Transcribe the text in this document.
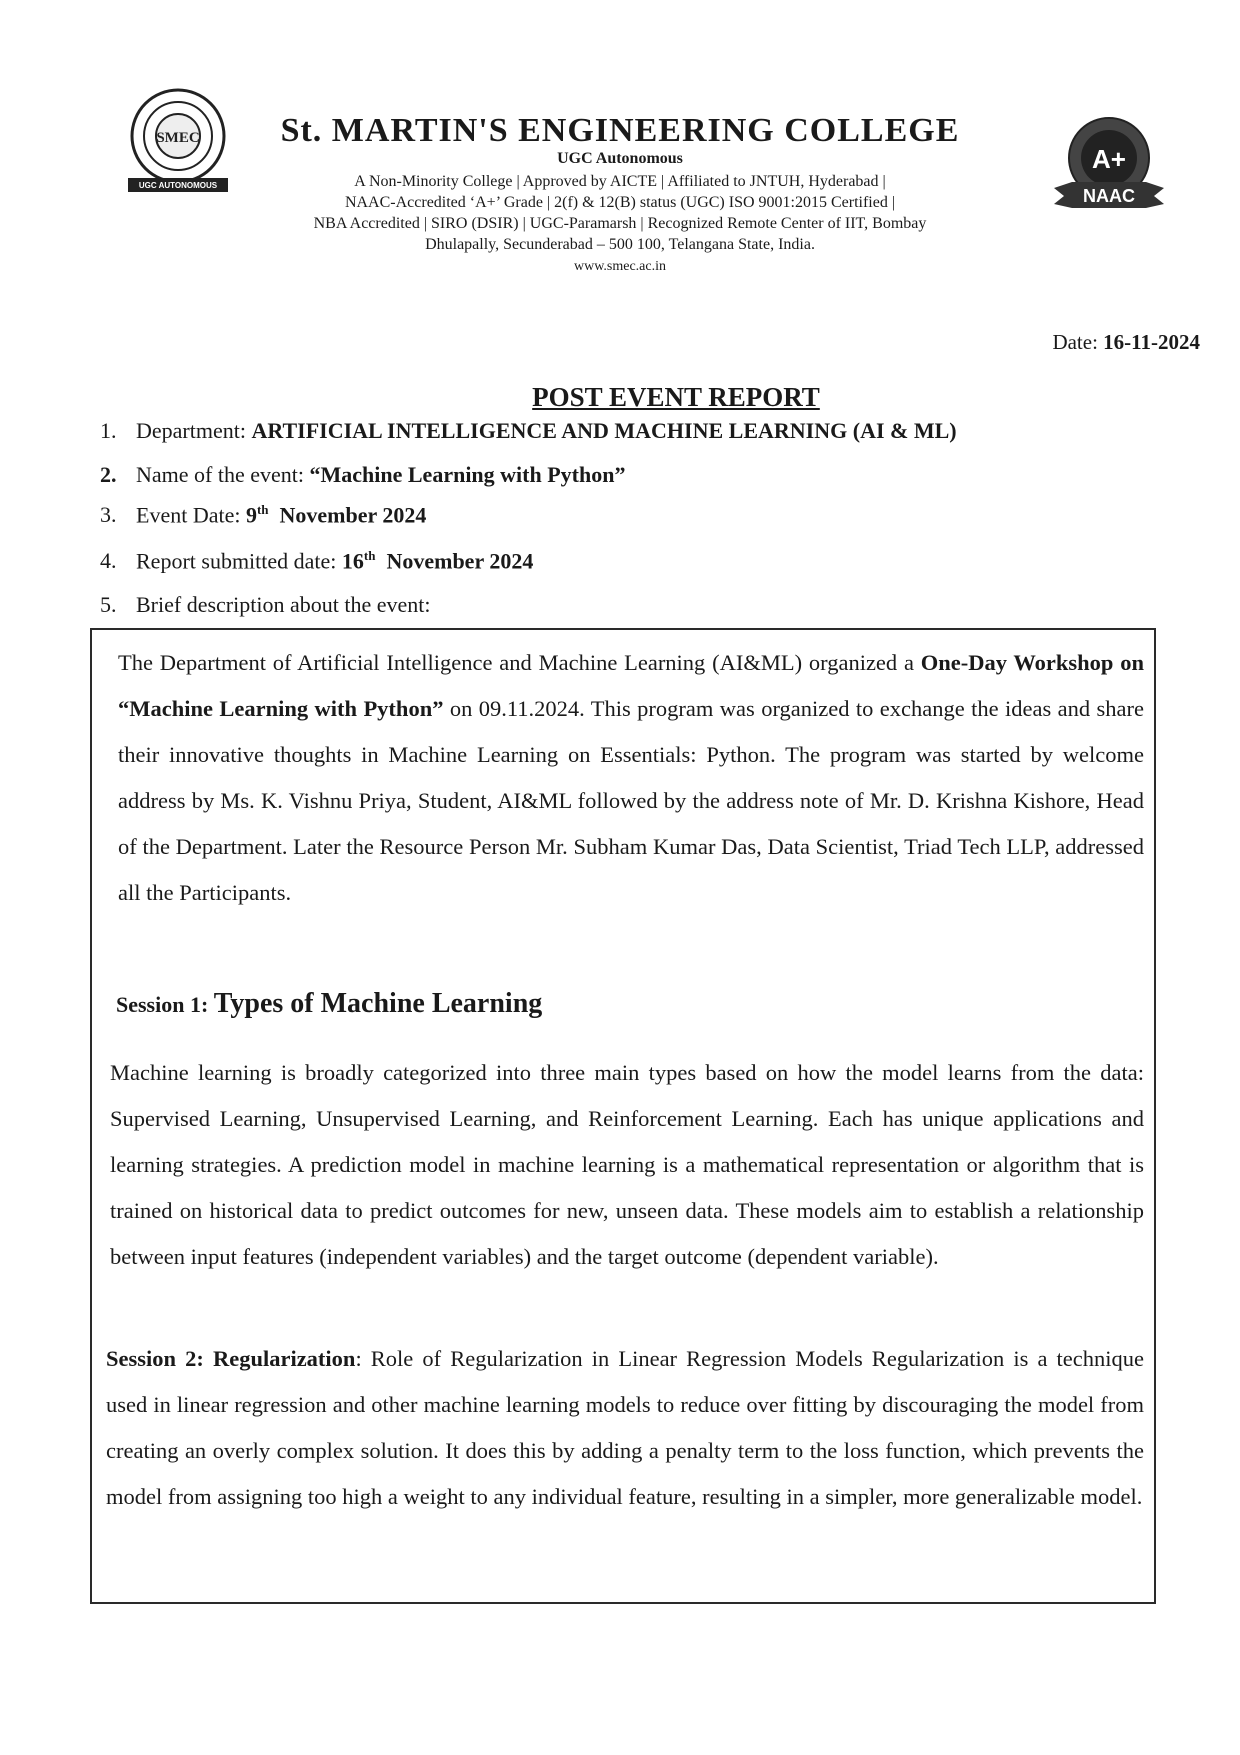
SMEC
UGC AUTONOMOUS
A+
NAAC
St. MARTIN'S ENGINEERING COLLEGE
UGC Autonomous
A Non-Minority College | Approved by AICTE | Affiliated to JNTUH, Hyderabad |
NAAC-Accredited ‘A+’ Grade | 2(f) & 12(B) status (UGC) ISO 9001:2015 Certified |
NBA Accredited | SIRO (DSIR) | UGC-Paramarsh | Recognized Remote Center of IIT, Bombay
Dhulapally, Secunderabad – 500 100, Telangana State, India.
www.smec.ac.in
Date: 16-11-2024
POST EVENT REPORT
1. Department: ARTIFICIAL INTELLIGENCE AND MACHINE LEARNING (AI & ML)
2. Name of the event: “Machine Learning with Python”
3. Event Date: 9th November 2024
4. Report submitted date: 16th November 2024
5. Brief description about the event:
The Department of Artificial Intelligence and Machine Learning (AI&ML) organized a One-Day Workshop on “Machine Learning with Python” on 09.11.2024. This program was organized to exchange the ideas and share their innovative thoughts in Machine Learning on Essentials: Python. The program was started by welcome address by Ms. K. Vishnu Priya, Student, AI&ML followed by the address note of Mr. D. Krishna Kishore, Head of the Department. Later the Resource Person Mr. Subham Kumar Das, Data Scientist, Triad Tech LLP, addressed all the Participants.
Session 1: Types of Machine Learning
Machine learning is broadly categorized into three main types based on how the model learns from the data: Supervised Learning, Unsupervised Learning, and Reinforcement Learning. Each has unique applications and learning strategies. A prediction model in machine learning is a mathematical representation or algorithm that is trained on historical data to predict outcomes for new, unseen data. These models aim to establish a relationship between input features (independent variables) and the target outcome (dependent variable).
Session 2: Regularization: Role of Regularization in Linear Regression Models Regularization is a technique used in linear regression and other machine learning models to reduce over fitting by discouraging the model from creating an overly complex solution. It does this by adding a penalty term to the loss function, which prevents the model from assigning too high a weight to any individual feature, resulting in a simpler, more generalizable model.
